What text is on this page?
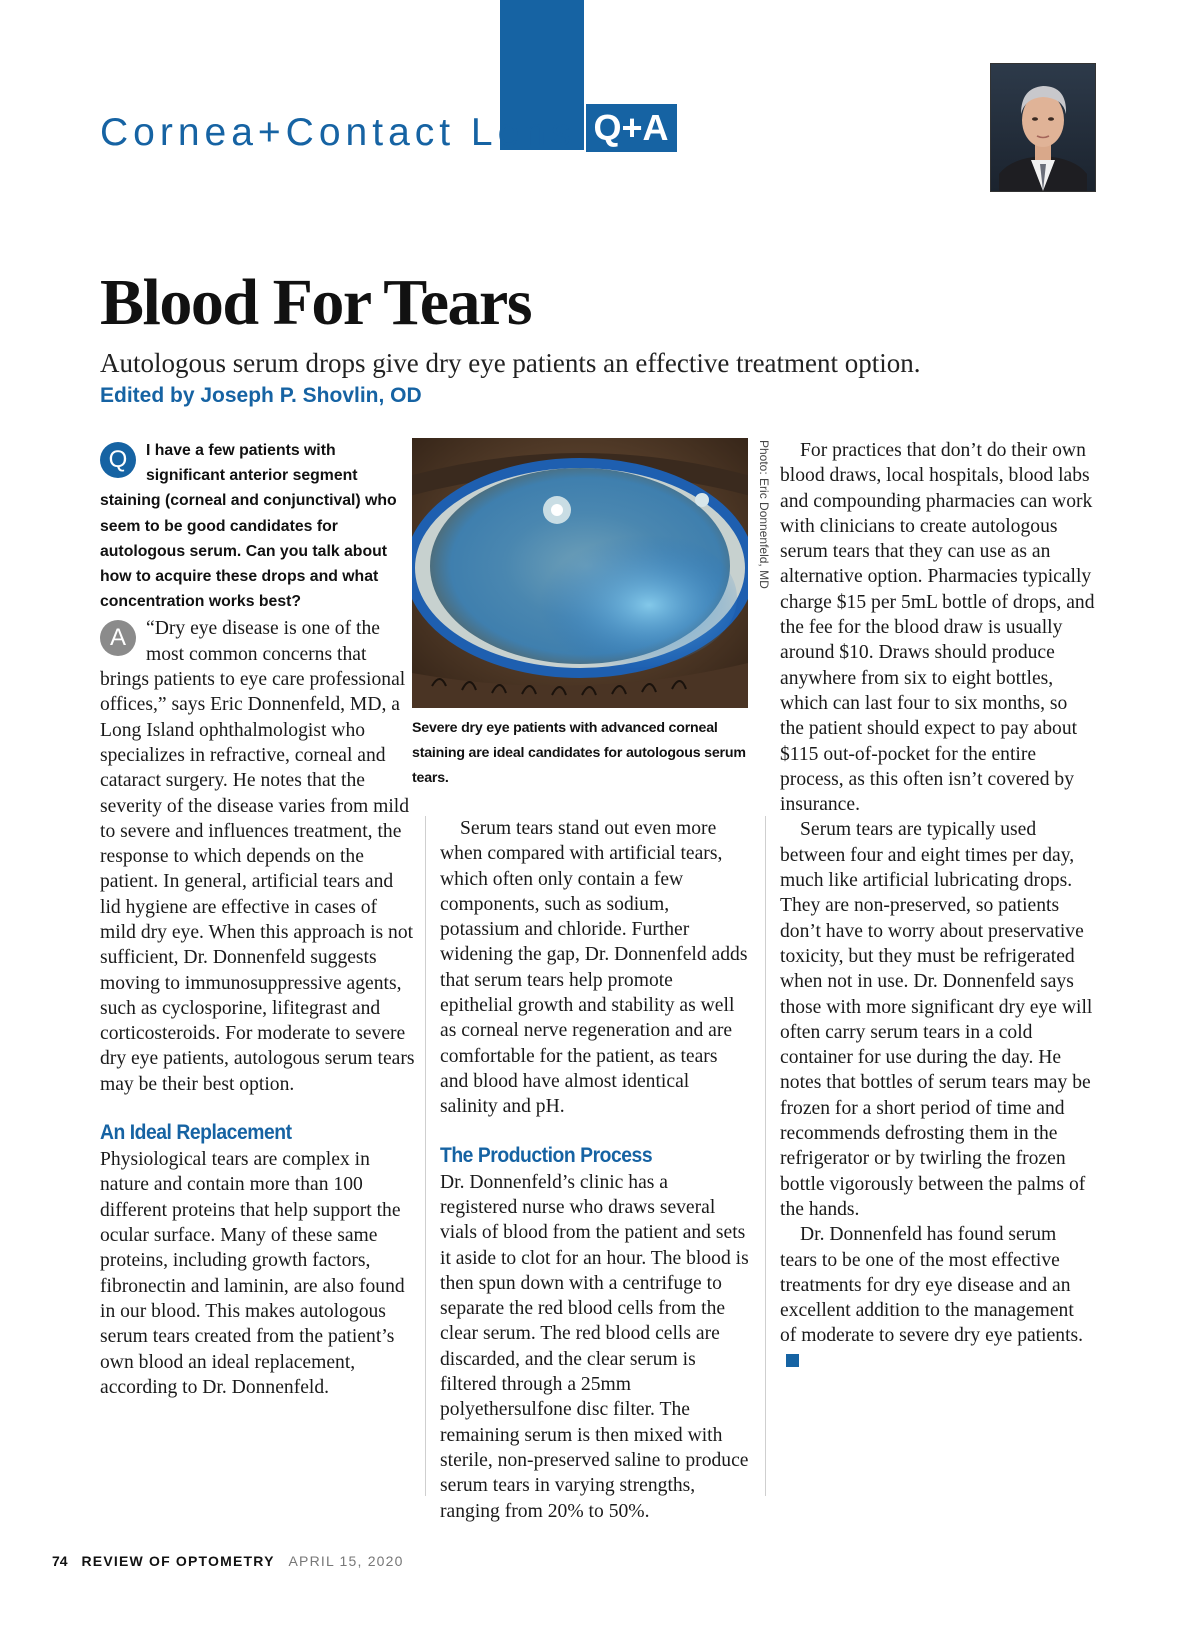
Cornea+Contact Lens Q+A
Blood For Tears
Autologous serum drops give dry eye patients an effective treatment option.
Edited by Joseph P. Shovlin, OD
Q	I have a few patients with significant anterior segment staining (corneal and conjunctival) who seem to be good candidates for autologous serum. Can you talk about how to acquire these drops and what concentration works best?

A	“Dry eye disease is one of the most common concerns that brings patients to eye care professional offices,” says Eric Donnenfeld, MD, a Long Island ophthalmologist who specializes in refractive, corneal and cataract surgery. He notes that the severity of the disease varies from mild to severe and influences treatment, the response to which depends on the patient. In general, artificial tears and lid hygiene are effective in cases of mild dry eye. When this approach is not sufficient, Dr. Donnenfeld suggests moving to immunosuppressive agents, such as cyclosporine, lifitegrast and corticosteroids. For moderate to severe dry eye patients, autologous serum tears may be their best option.

An Ideal Replacement

Physiological tears are complex in nature and contain more than 100 different proteins that help support the ocular surface. Many of these same proteins, including growth factors, fibronectin and laminin, are also found in our blood. This makes autologous serum tears created from the patient’s own blood an ideal replacement, according to Dr. Donnenfeld.

Photo: Eric Donnenfeld, MD

Severe dry eye patients with advanced corneal staining are ideal candidates for autologous serum tears.

Serum tears stand out even more when compared with artificial tears, which often only contain a few components, such as sodium, potassium and chloride. Further widening the gap, Dr. Donnenfeld adds that serum tears help promote epithelial growth and stability as well as corneal nerve regeneration and are comfortable for the patient, as tears and blood have almost identical salinity and pH.

The Production Process

Dr. Donnenfeld’s clinic has a registered nurse who draws several vials of blood from the patient and sets it aside to clot for an hour. The blood is then spun down with a centrifuge to separate the red blood cells from the clear serum. The red blood cells are discarded, and the clear serum is filtered through a 25mm polyethersulfone disc filter. The remaining serum is then mixed with sterile, non-preserved saline to produce serum tears in varying strengths, ranging from 20% to 50%.

For practices that don’t do their own blood draws, local hospitals, blood labs and compounding pharmacies can work with clinicians to create autologous serum tears that they can use as an alternative option. Pharmacies typically charge $15 per 5mL bottle of drops, and the fee for the blood draw is usually around $10. Draws should produce anywhere from six to eight bottles, which can last four to six months, so the patient should expect to pay about $115 out-of-pocket for the entire process, as this often isn’t covered by insurance.

Serum tears are typically used between four and eight times per day, much like artificial lubricating drops. They are non-preserved, so patients don’t have to worry about preservative toxicity, but they must be refrigerated when not in use. Dr. Donnenfeld says those with more significant dry eye will often carry serum tears in a cold container for use during the day. He notes that bottles of serum tears may be frozen for a short period of time and recommends defrosting them in the refrigerator or by twirling the frozen bottle vigorously between the palms of the hands.

Dr. Donnenfeld has found serum tears to be one of the most effective treatments for dry eye disease and an excellent addition to the management of moderate to severe dry eye patients.

74 REVIEW OF OPTOMETRY APRIL 15, 2020
